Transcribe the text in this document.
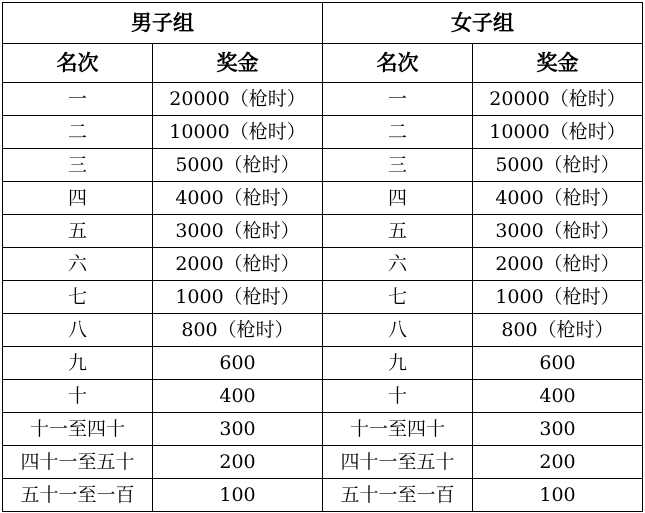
男子组		女子组	
名次	奖金	名次	奖金
一	20000（枪时）	一	20000（枪时）
二	10000（枪时）	二	10000（枪时）
三	5000（枪时）	三	5000（枪时）
四	4000（枪时）	四	4000（枪时）
五	3000（枪时）	五	3000（枪时）
六	2000（枪时）	六	2000（枪时）
七	1000（枪时）	七	1000（枪时）
八	800（枪时）	八	800（枪时）
九	600	九	600
十	400	十	400
十一至四十	300	十一至四十	300
四十一至五十	200	四十一至五十	200
五十一至一百	100	五十一至一百	100
